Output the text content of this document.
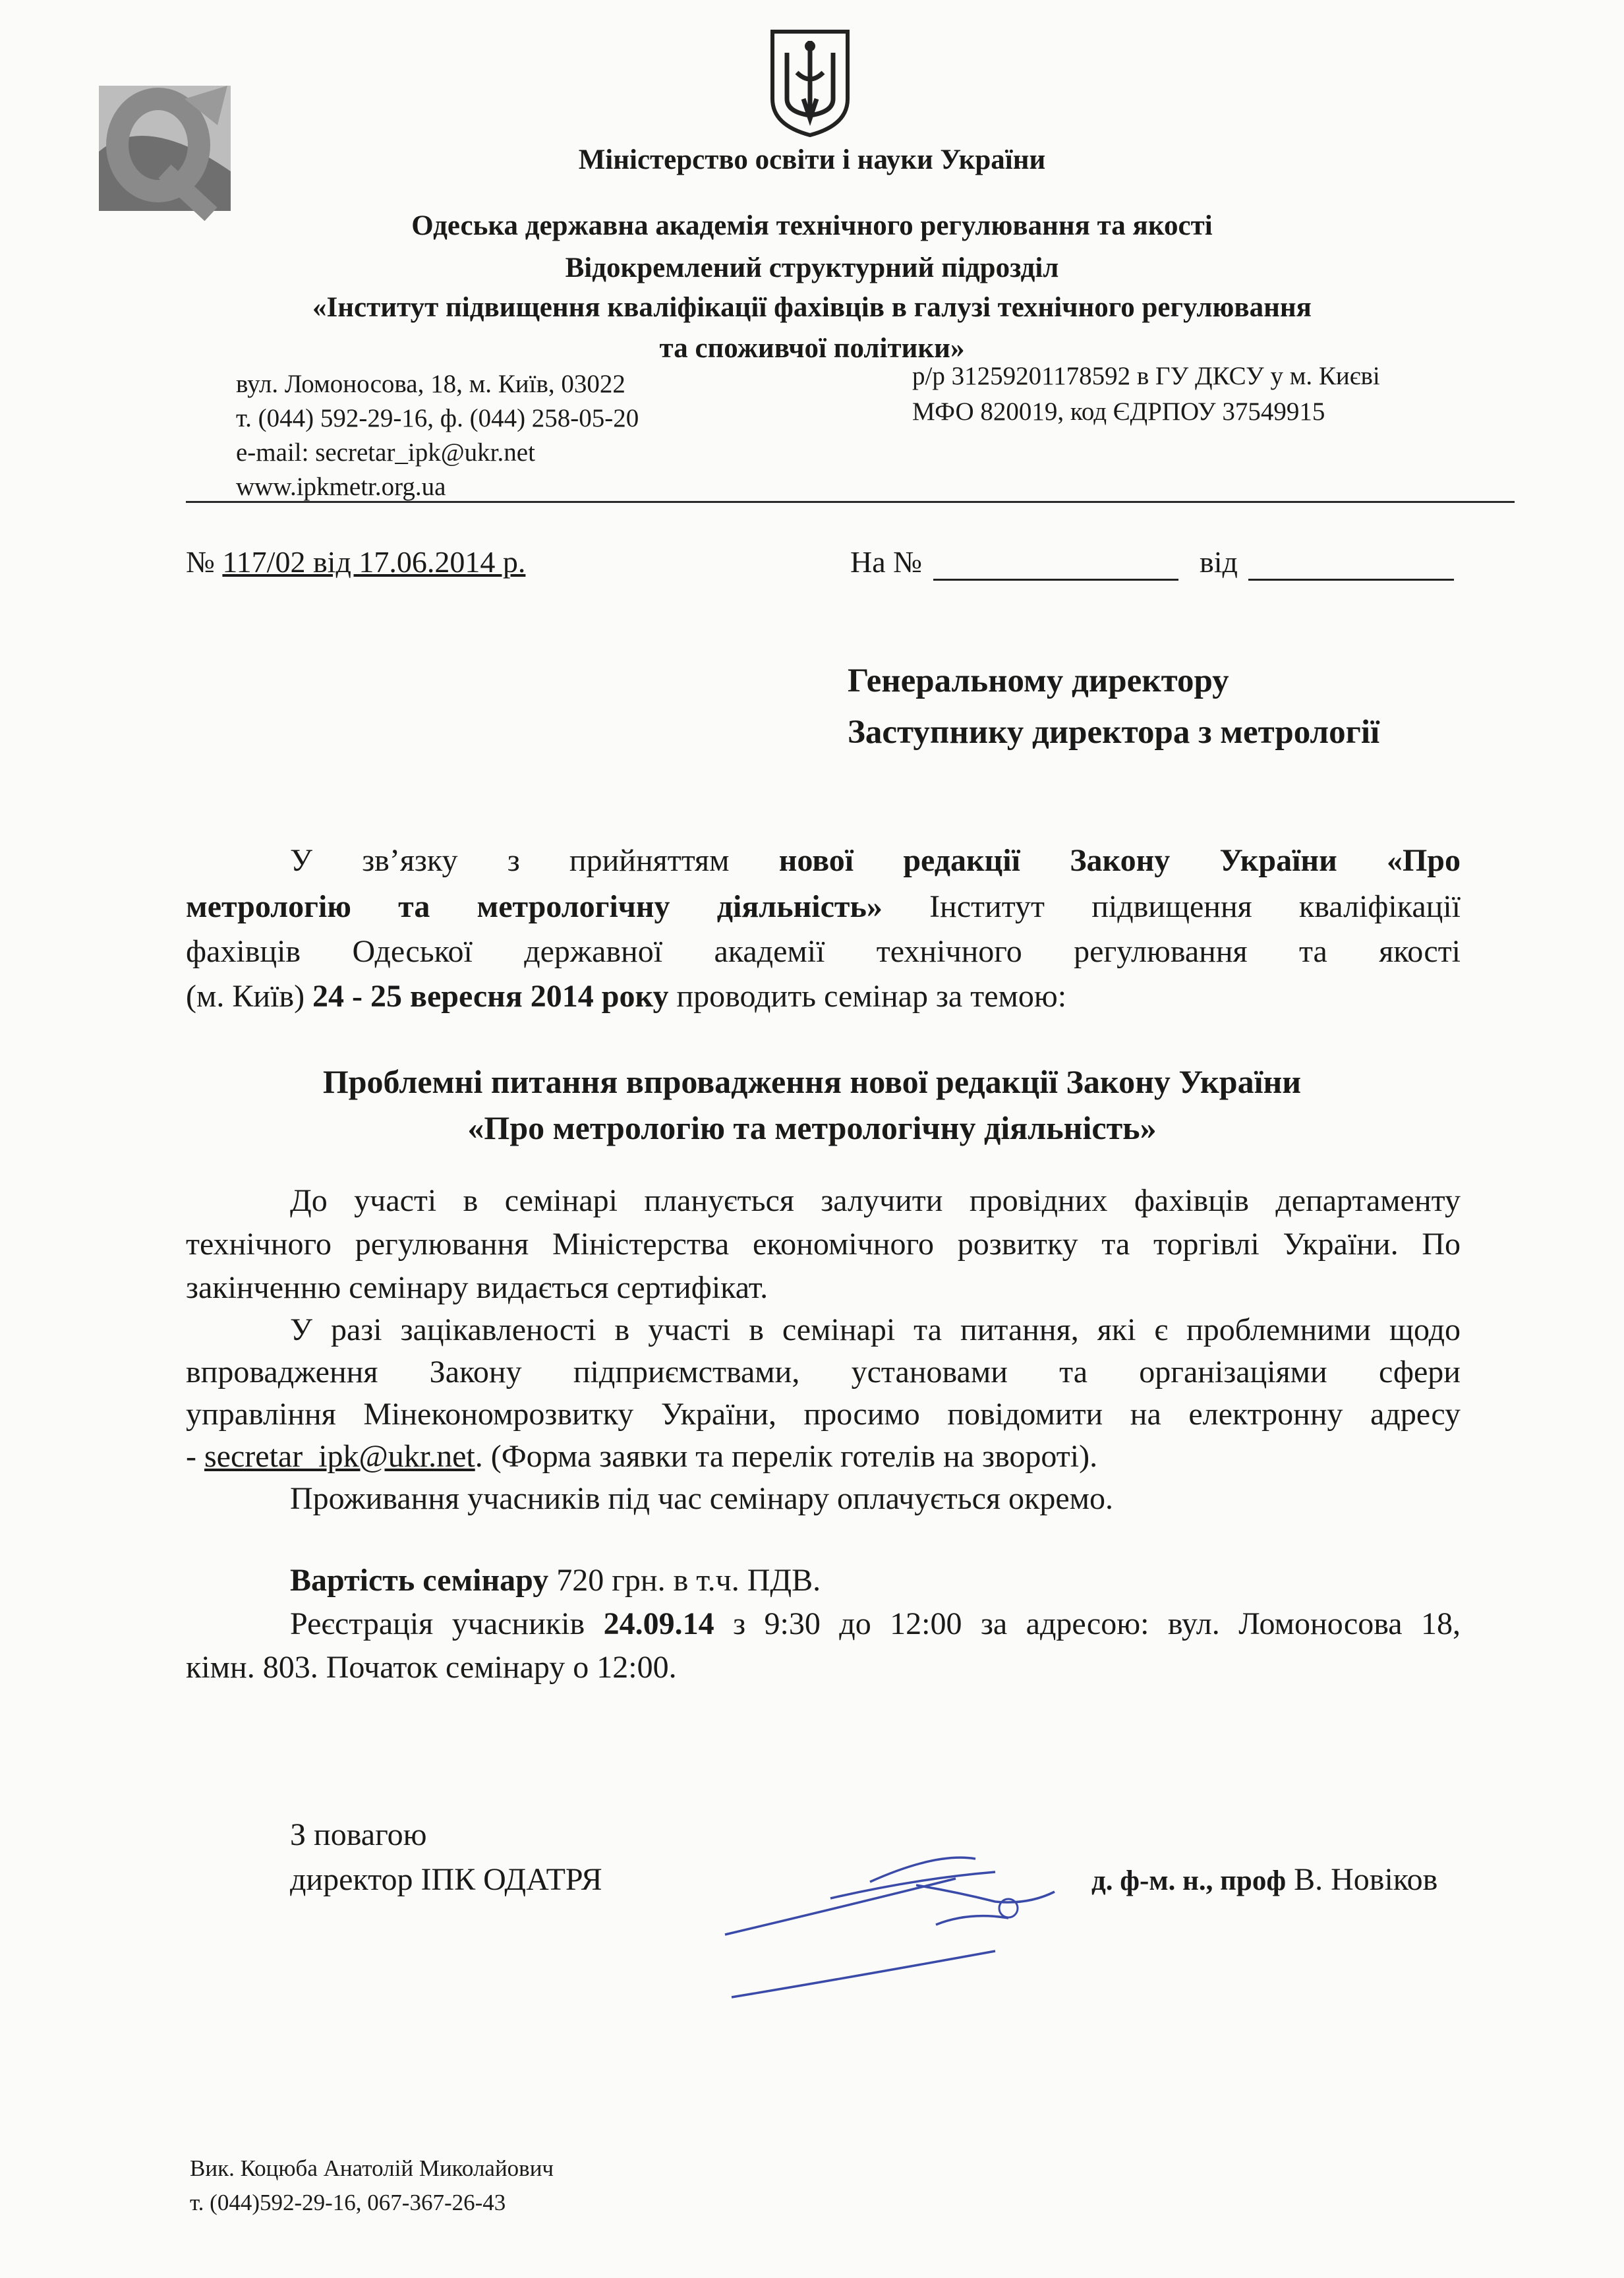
Міністерство освіти і науки України
Одеська державна академія технічного регулювання та якості
Відокремлений структурний підрозділ
«Інститут підвищення кваліфікації фахівців в галузі технічного регулювання
та споживчої політики»
вул. Ломоносова, 18, м. Київ, 03022
т. (044) 592-29-16, ф. (044) 258-05-20
e-mail: secretar_ipk@ukr.net
www.ipkmetr.org.ua
р/р 31259201178592 в ГУ ДКСУ у м. Києві
МФО 820019, код ЄДРПОУ 37549915
№ 117/02 від 17.06.2014 р.	На №	від
Генеральному директору
Заступнику директора з метрології
У зв’язку з прийняттям нової редакції Закону України «Про
метрологію та метрологічну діяльність» Інститут підвищення кваліфікації
фахівців Одеської державної академії технічного регулювання та якості
(м. Київ) 24 - 25 вересня 2014 року проводить семінар за темою:
Проблемні питання впровадження нової редакції Закону України
«Про метрологію та метрологічну діяльність»
До участі в семінарі планується залучити провідних фахівців департаменту
технічного регулювання Міністерства економічного розвитку та торгівлі України. По
закінченню семінару видається сертифікат.
У разі зацікавленості в участі в семінарі та питання, які є проблемними щодо
впровадження Закону підприємствами, установами та організаціями сфери
управління Мінекономрозвитку України, просимо повідомити на електронну адресу
- secretar_ipk@ukr.net. (Форма заявки та перелік готелів на звороті).
Проживання учасників під час семінару оплачується окремо.
Вартість семінару 720 грн. в т.ч. ПДВ.
Реєстрація учасників 24.09.14 з 9:30 до 12:00 за адресою: вул. Ломоносова 18,
кімн. 803. Початок семінару о 12:00.
З повагою
директор ІПК ОДАТРЯ	д. ф-м. н., проф В. Новіков
Вик. Коцюба Анатолій Миколайович
т. (044)592-29-16, 067-367-26-43
